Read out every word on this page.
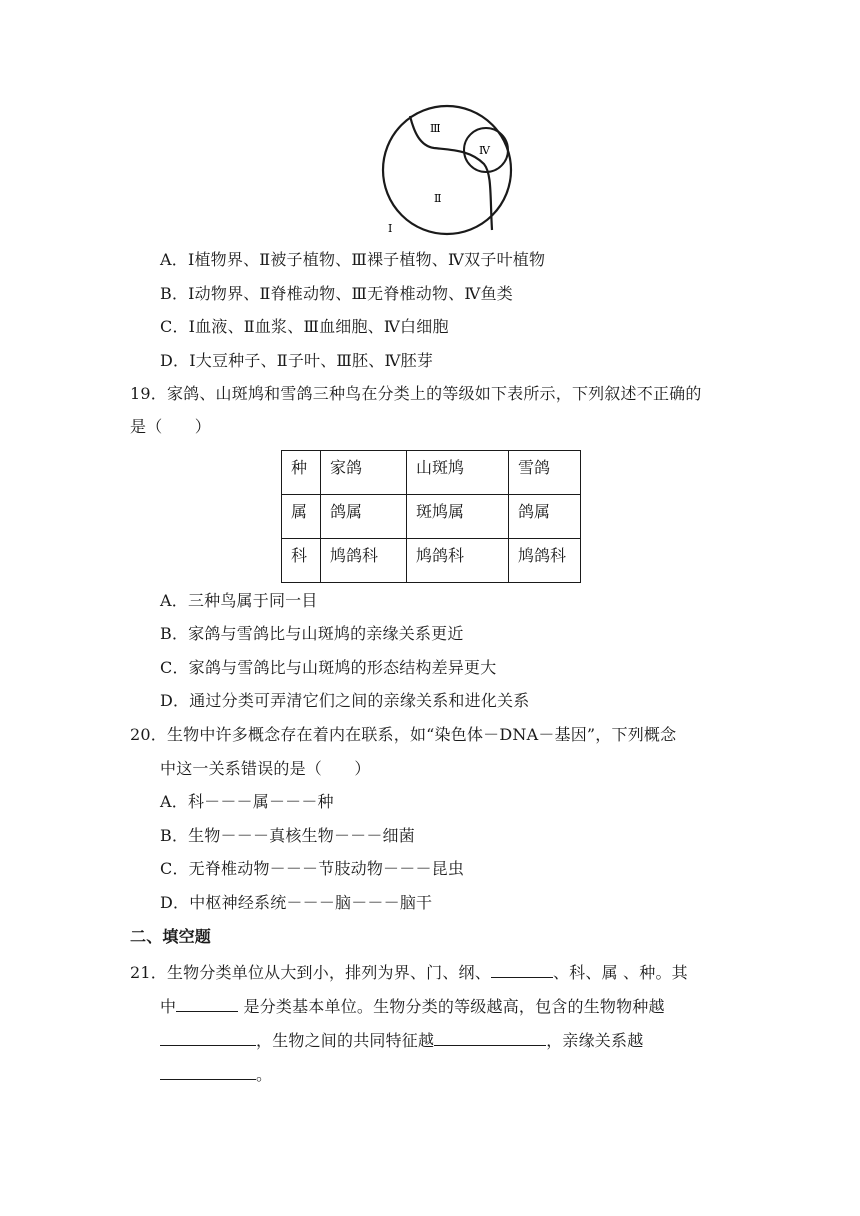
Ⅲ
Ⅳ
Ⅱ
Ⅰ
A．Ⅰ植物界、Ⅱ被子植物、Ⅲ裸子植物、Ⅳ双子叶植物
B．Ⅰ动物界、Ⅱ脊椎动物、Ⅲ无脊椎动物、Ⅳ鱼类
C．Ⅰ血液、Ⅱ血浆、Ⅲ血细胞、Ⅳ白细胞
D．Ⅰ大豆种子、Ⅱ子叶、Ⅲ胚、Ⅳ胚芽
19．家鸽、山斑鸠和雪鸽三种鸟在分类上的等级如下表所示，下列叙述不正确的
是（　　）
种	家鸽	山斑鸠	雪鸽
属	鸽属	斑鸠属	鸽属
科	鸠鸽科	鸠鸽科	鸠鸽科
A．三种鸟属于同一目
B．家鸽与雪鸽比与山斑鸠的亲缘关系更近
C．家鸽与雪鸽比与山斑鸠的形态结构差异更大
D．通过分类可弄清它们之间的亲缘关系和进化关系
20．生物中许多概念存在着内在联系，如“染色体－DNA－基因”，下列概念
中这一关系错误的是（　　）
A．科－－－属－－－种
B．生物－－－真核生物－－－细菌
C．无脊椎动物－－－节肢动物－－－昆虫
D．中枢神经系统－－－脑－－－脑干
二、填空题
21．生物分类单位从大到小，排列为界、门、纲、	、科、属 、种。其
中	是分类基本单位。生物分类的等级越高，包含的生物物种越
，生物之间的共同特征越	，亲缘关系越
。
